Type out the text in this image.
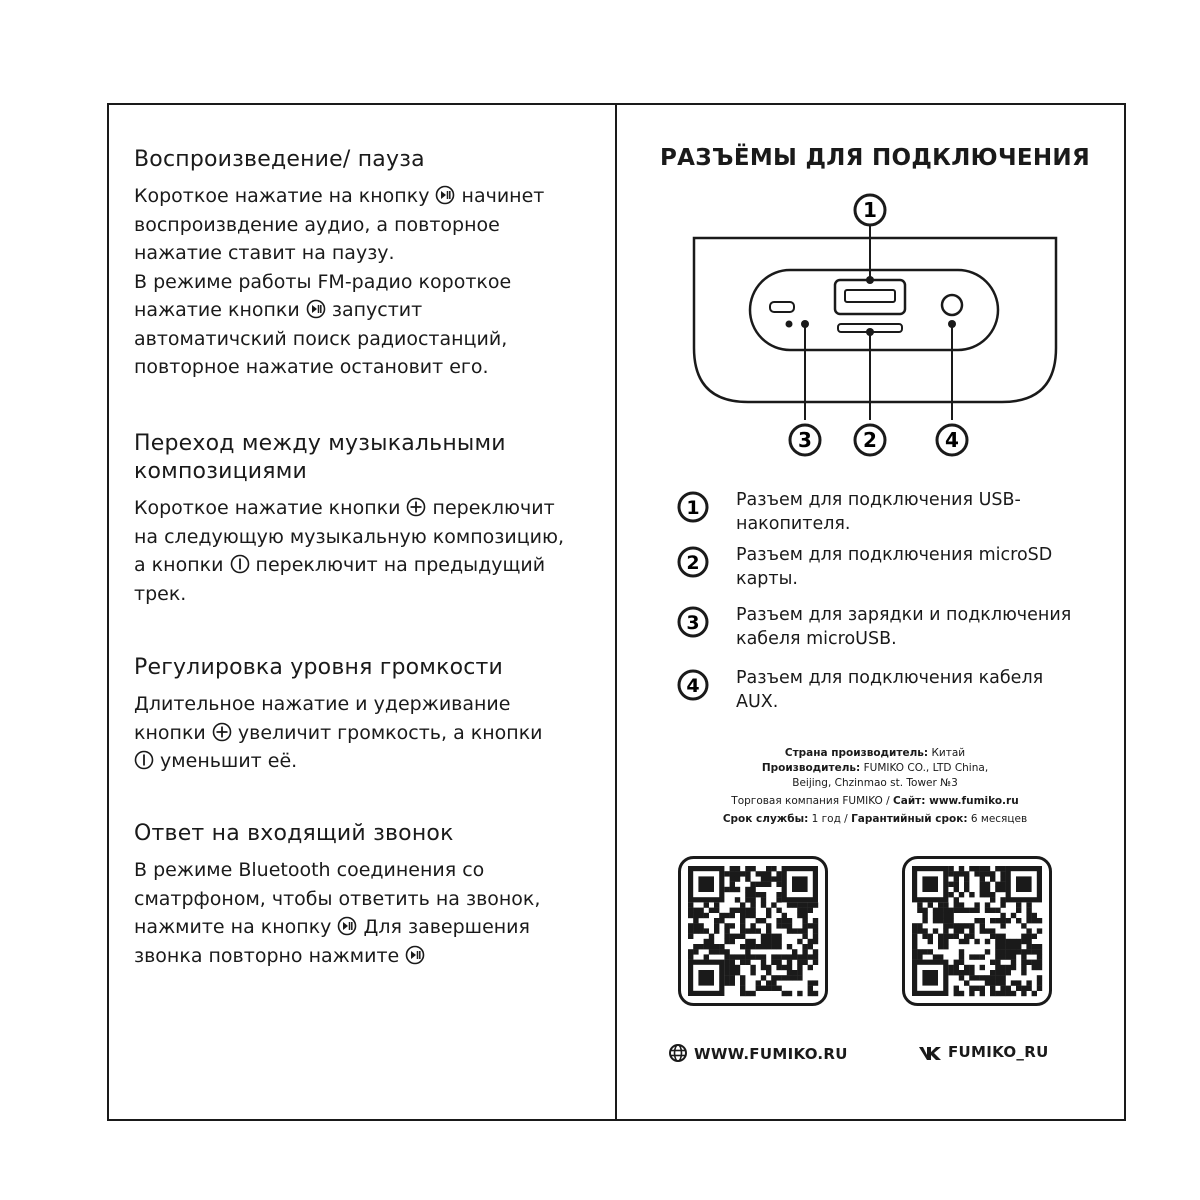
Воспроизведение/ пауза

Короткое нажатие на кнопку начинет
воспроизвдение аудио, а повторное
нажатие ставит на паузу.
В режиме работы FM-радио короткое
нажатие кнопки запустит
автоматичский поиск радиостанций,
повторное нажатие остановит его.

Переход между музыкальными композициями

Короткое нажатие кнопки переключит
на следующую музыкальную композицию,
а кнопки переключит на предыдущий
трек.

Регулировка уровня громкости

Длительное нажатие и удерживание
кнопки увеличит громкость, а кнопки
уменьшит её.

Ответ на входящий звонок

В режиме Bluetooth соединения со
сматрфоном, чтобы ответить на звонок,
нажмите на кнопку Для завершения
звонка повторно нажмите

РАЗЪЁМЫ ДЛЯ ПОДКЛЮЧЕНИЯ
1
3	2	4
1 Разъем для подключения USB-накопителя.
2 Разъем для подключения microSD карты.
3 Разъем для зарядки и подключения кабеля microUSB.
4 Разъем для подключения кабеля AUX.
Страна производитель: Китай
Производитель: FUMIKO CO., LTD China,
Beijing, Chzinmao st. Tower №3
Торговая компания FUMIKO / Сайт: www.fumiko.ru
Срок службы: 1 год / Гарантийный срок: 6 месяцев
WWW.FUMIKO.RU	FUMIKO_RU
